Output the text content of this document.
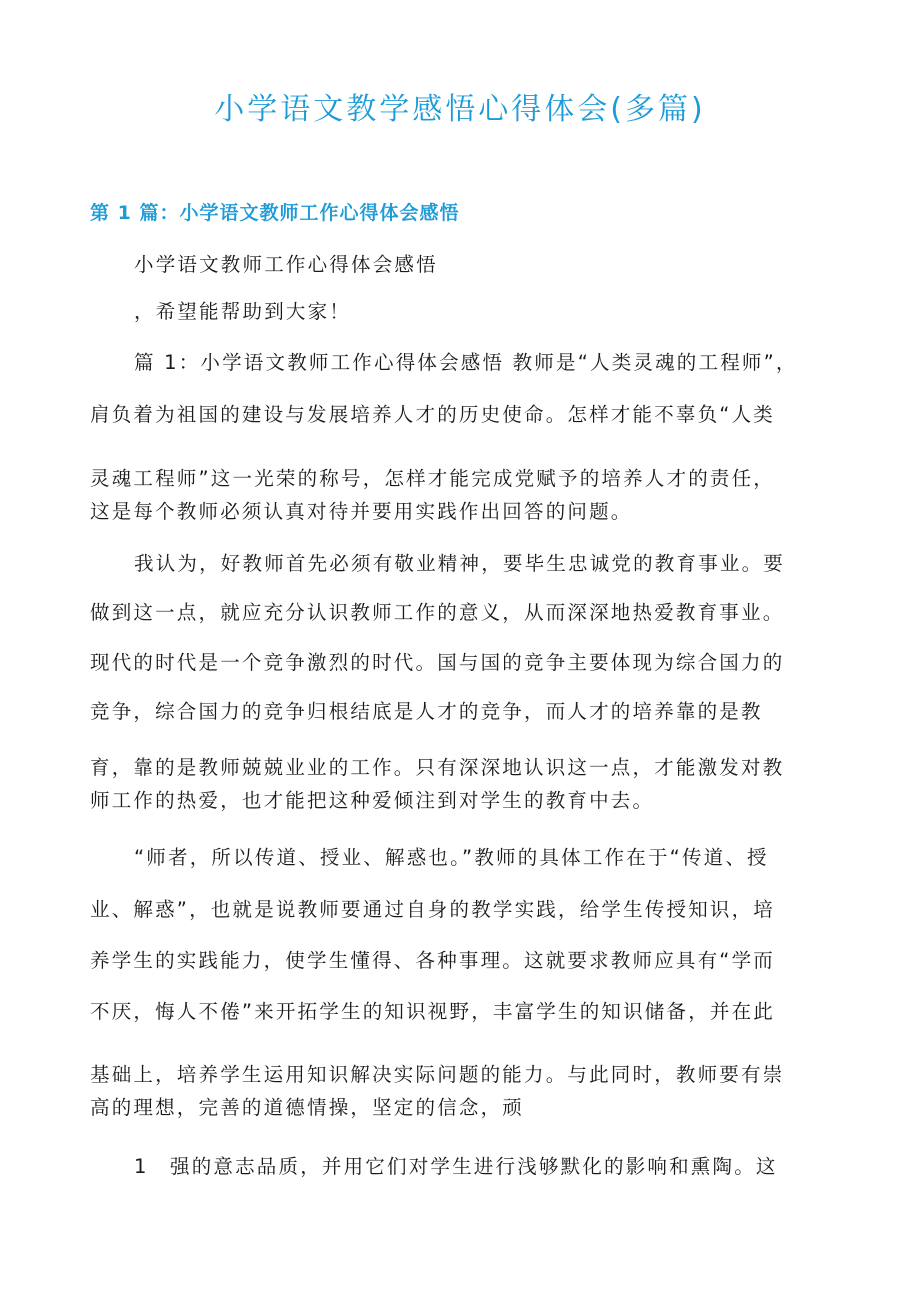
小学语文教学感悟心得体会(多篇)
第 1 篇：小学语文教师工作心得体会感悟
小学语文教师工作心得体会感悟
，希望能帮助到大家！
篇 1：小学语文教师工作心得体会感悟 教师是“人类灵魂的工程师”，
肩负着为祖国的建设与发展培养人才的历史使命。怎样才能不辜负“人类
灵魂工程师”这一光荣的称号，怎样才能完成党赋予的培养人才的责任，
这是每个教师必须认真对待并要用实践作出回答的问题。
我认为，好教师首先必须有敬业精神，要毕生忠诚党的教育事业。要
做到这一点，就应充分认识教师工作的意义，从而深深地热爱教育事业。
现代的时代是一个竞争激烈的时代。国与国的竞争主要体现为综合国力的
竞争，综合国力的竞争归根结底是人才的竞争，而人才的培养靠的是教
育，靠的是教师兢兢业业的工作。只有深深地认识这一点，才能激发对教
师工作的热爱，也才能把这种爱倾注到对学生的教育中去。
“师者，所以传道、授业、解惑也。”教师的具体工作在于“传道、授
业、解惑”，也就是说教师要通过自身的教学实践，给学生传授知识，培
养学生的实践能力，使学生懂得、各种事理。这就要求教师应具有“学而
不厌，悔人不倦”来开拓学生的知识视野，丰富学生的知识储备，并在此
基础上，培养学生运用知识解决实际问题的能力。与此同时，教师要有崇
高的理想，完善的道德情操，坚定的信念，顽
1 强的意志品质，并用它们对学生进行浅够默化的影响和熏陶。这
